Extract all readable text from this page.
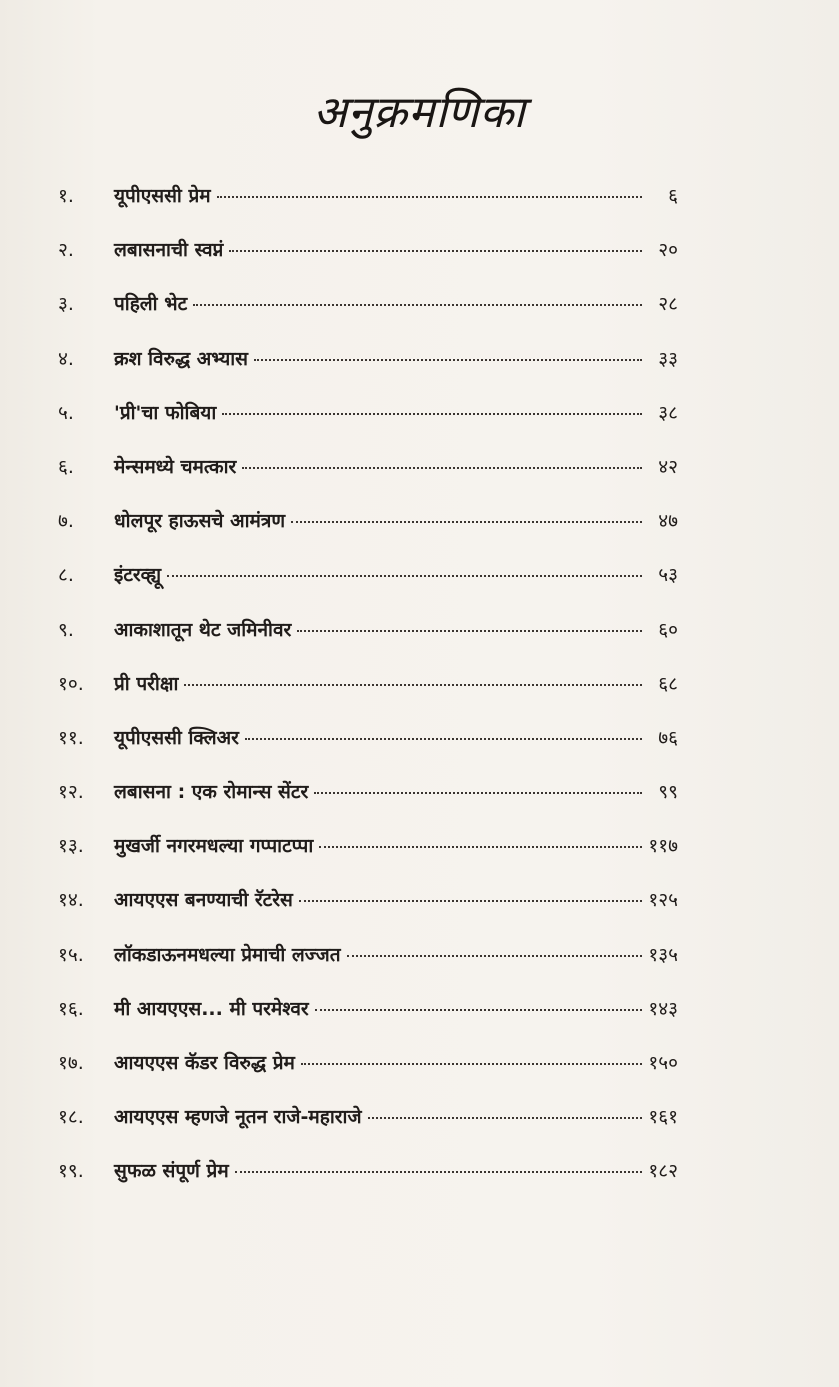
अनुक्रमणिका
१.	यूपीएससी प्रेम	६
२.	लबासनाची स्वप्नं	२०
३.	पहिली भेट	२८
४.	क्रश विरुद्ध अभ्यास	३३
५.	'प्री'चा फोबिया	३८
६.	मेन्समध्ये चमत्कार	४२
७.	धोलपूर हाऊसचे आमंत्रण	४७
८.	इंटरव्ह्यू	५३
९.	आकाशातून थेट जमिनीवर	६०
१०.	प्री परीक्षा	६८
११.	यूपीएससी क्लिअर	७६
१२.	लबासना : एक रोमान्स सेंटर	९९
१३.	मुखर्जी नगरमधल्या गप्पाटप्पा	११७
१४.	आयएएस बनण्याची रॅटरेस	१२५
१५.	लॉकडाऊनमधल्या प्रेमाची लज्जत	१३५
१६.	मी आयएएस... मी परमेश्वर	१४३
१७.	आयएएस कॅडर विरुद्ध प्रेम	१५०
१८.	आयएएस म्हणजे नूतन राजे-महाराजे	१६१
१९.	सुफळ संपूर्ण प्रेम	१८२
